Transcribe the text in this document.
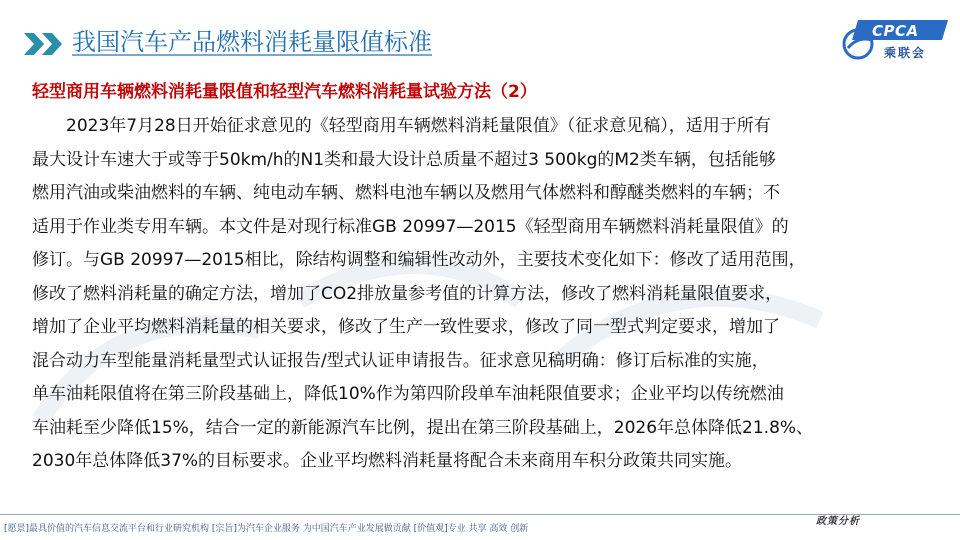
我国汽车产品燃料消耗量限值标准	CPCA
乘联会
轻型商用车辆燃料消耗量限值和轻型汽车燃料消耗量试验方法（2）
　　2023年7月28日开始征求意见的《轻型商用车辆燃料消耗量限值》（征求意见稿），适用于所有
最大设计车速大于或等于50km/h的N1类和最大设计总质量不超过3 500kg的M2类车辆，包括能够
燃用汽油或柴油燃料的车辆、纯电动车辆、燃料电池车辆以及燃用气体燃料和醇醚类燃料的车辆；不
适用于作业类专用车辆。本文件是对现行标准GB 20997—2015《轻型商用车辆燃料消耗量限值》的
修订。与GB 20997—2015相比，除结构调整和编辑性改动外，主要技术变化如下：修改了适用范围，
修改了燃料消耗量的确定方法，增加了CO2排放量参考值的计算方法，修改了燃料消耗量限值要求，
增加了企业平均燃料消耗量的相关要求，修改了生产一致性要求，修改了同一型式判定要求，增加了
混合动力车型能量消耗量型式认证报告/型式认证申请报告。征求意见稿明确：修订后标准的实施，
单车油耗限值将在第三阶段基础上，降低10%作为第四阶段单车油耗限值要求；企业平均以传统燃油
车油耗至少降低15%，结合一定的新能源汽车比例，提出在第三阶段基础上，2026年总体降低21.8%、
2030年总体降低37%的目标要求。企业平均燃料消耗量将配合未来商用车积分政策共同实施。
[愿景]最具价值的汽车信息交流平台和行业研究机构 [宗旨]为汽车企业服务 为中国汽车产业发展做贡献 [价值观]专业 共享 高效 创新
政策分析
